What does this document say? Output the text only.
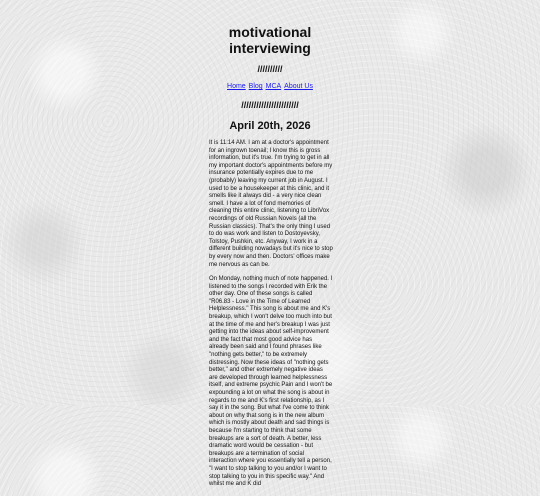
motivational
interviewing
//////////
Home Blog MCA About Us
///////////////////////
April 20th, 2026

It is 11:14 AM. I am at a doctor's appointment for an ingrown toenail; I know this is gross information, but it's true. I'm trying to get in all my important doctor's appointments before my insurance potentially expires due to me (probably) leaving my current job in August. I used to be a housekeeper at this clinic, and it smells like it always did - a very nice clean smell. I have a lot of fond memories of cleaning this entire clinic, listening to LibriVox recordings of old Russian Novels (all the Russian classics). That's the only thing I used to do was work and listen to Dostoyevsky, Tolstoy, Pushkin, etc. Anyway, I work in a different building nowadays but it's nice to stop by every now and then. Doctors' offices make me nervous as can be.

On Monday, nothing much of note happened. I listened to the songs I recorded with Erik the other day. One of these songs is called "R06.83 - Love in the Time of Learned Helplessness." This song is about me and K's breakup, which I won't delve too much into but at the time of me and her's breakup I was just getting into the ideas about self-improvement and the fact that most good advice has already been said and I found phrases like "nothing gets better," to be extremely distressing. Now these ideas of "nothing gets better," and other extremely negative ideas are developed through learned helplessness itself, and extreme psychic Pain and I won't be expounding a lot on what the song is about in regards to me and K's first relationship, as I say it in the song. But what I've come to think about on why that song is in the new album which is mostly about death and sad things is because I'm starting to think that some breakups are a sort of death. A better, less dramatic word would be cessation - but breakups are a termination of social interaction where you essentially tell a person, "I want to stop talking to you and/or I want to stop talking to you in this specific way." And whilst me and K did
